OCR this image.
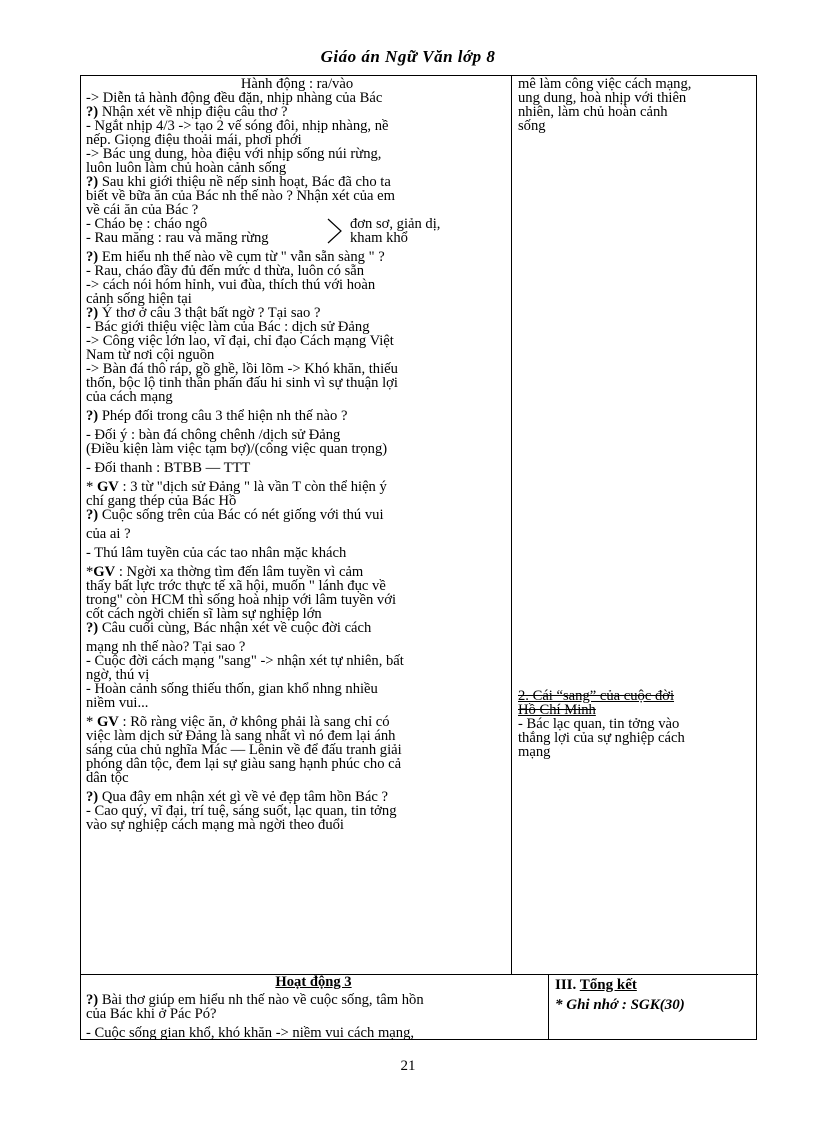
Giáo án Ngữ Văn lớp 8
Hành động : ra/vào
-> Diễn tả hành động đều đặn, nhịp nhàng của Bác
?) Nhận xét về nhịp điệu câu thơ ?
- Ngắt nhịp 4/3 -> tạo 2 vế sóng đôi, nhịp nhàng, nề
nếp. Giọng điệu thoải mái, phơi phới
-> Bác ung dung, hòa điệu với nhịp sống núi rừng,
luôn luôn làm chủ hoàn cảnh sống
?) Sau khi giới thiệu nề nếp sinh hoạt, Bác đã cho ta
biết về bữa ăn của Bác nh thế nào ? Nhận xét của em
về cái ăn của Bác ?
- Cháo bẹ : cháo ngô
- Rau măng : rau và măng rừng
đơn sơ, giản dị,
kham khổ
?) Em hiểu nh thế nào về cụm từ " vẫn sẵn sàng " ?
- Rau, cháo đầy đủ đến mức d thừa, luôn có sẵn
-> cách nói hóm hỉnh, vui đùa, thích thú với hoàn
cảnh sống hiện tại
?) Ý thơ ở câu 3 thật bất ngờ ? Tại sao ?
- Bác giới thiệu việc làm của Bác : dịch sử Đảng
-> Công việc lớn lao, vĩ đại, chỉ đạo Cách mạng Việt
Nam từ nơi cội nguồn
-> Bàn đá thô ráp, gồ ghề, lồi lõm -> Khó khăn, thiếu
thốn, bộc lộ tinh thần phấn đấu hi sinh vì sự thuận lợi
của cách mạng
?) Phép đối trong câu 3 thể hiện nh thế nào ?
- Đối ý : bàn đá chông chênh /dịch sử Đảng
(Điều kiện làm việc tạm bợ)/(công việc quan trọng)
- Đối thanh : BTBB — TTT
* GV : 3 từ "dịch sử Đảng " là vần T còn thể hiện ý
chí gang thép của Bác Hồ
?) Cuộc sống trên của Bác có nét giống với thú vui
của ai ?
- Thú lâm tuyền của các tao nhân mặc khách
*GV : Ngời xa thờng tìm đến lâm tuyền vì cảm
thấy bất lực trớc thực tế xã hội, muốn " lánh đục về
trong" còn HCM thì sống hoà nhịp với lâm tuyền với
cốt cách ngời chiến sĩ làm sự nghiệp lớn
?) Câu cuối cùng, Bác nhận xét về cuộc đời cách
mạng nh thế nào? Tại sao ?
- Cuộc đời cách mạng "sang" -> nhận xét tự nhiên, bất
ngờ, thú vị
- Hoàn cảnh sống thiếu thốn, gian khổ nhng nhiều
niềm vui...
* GV : Rõ ràng việc ăn, ở không phải là sang chỉ có
việc làm dịch sử Đảng là sang nhất vì nó đem lại ánh
sáng của chủ nghĩa Mác — Lênin về để đấu tranh giải
phóng dân tộc, đem lại sự giàu sang hạnh phúc cho cả
dân tộc
?) Qua đây em nhận xét gì về vẻ đẹp tâm hồn Bác ?
- Cao quý, vĩ đại, trí tuệ, sáng suốt, lạc quan, tin tởng
vào sự nghiệp cách mạng mà ngời theo đuổi
mê làm công việc cách mạng,
ung dung, hoà nhịp với thiên
nhiên, làm chủ hoàn cảnh
sống
2. Cái “sang” của cuộc đời
Hồ Chí Minh
- Bác lạc quan, tin tởng vào
thắng lợi của sự nghiệp cách
mạng
Hoạt động 3
?) Bài thơ giúp em hiểu nh thế nào về cuộc sống, tâm hồn
của Bác khi ở Pác Pó?
- Cuộc sống gian khổ, khó khăn -> niềm vui cách mạng,
III. Tổng kết
* Ghi nhớ : SGK(30)
21
